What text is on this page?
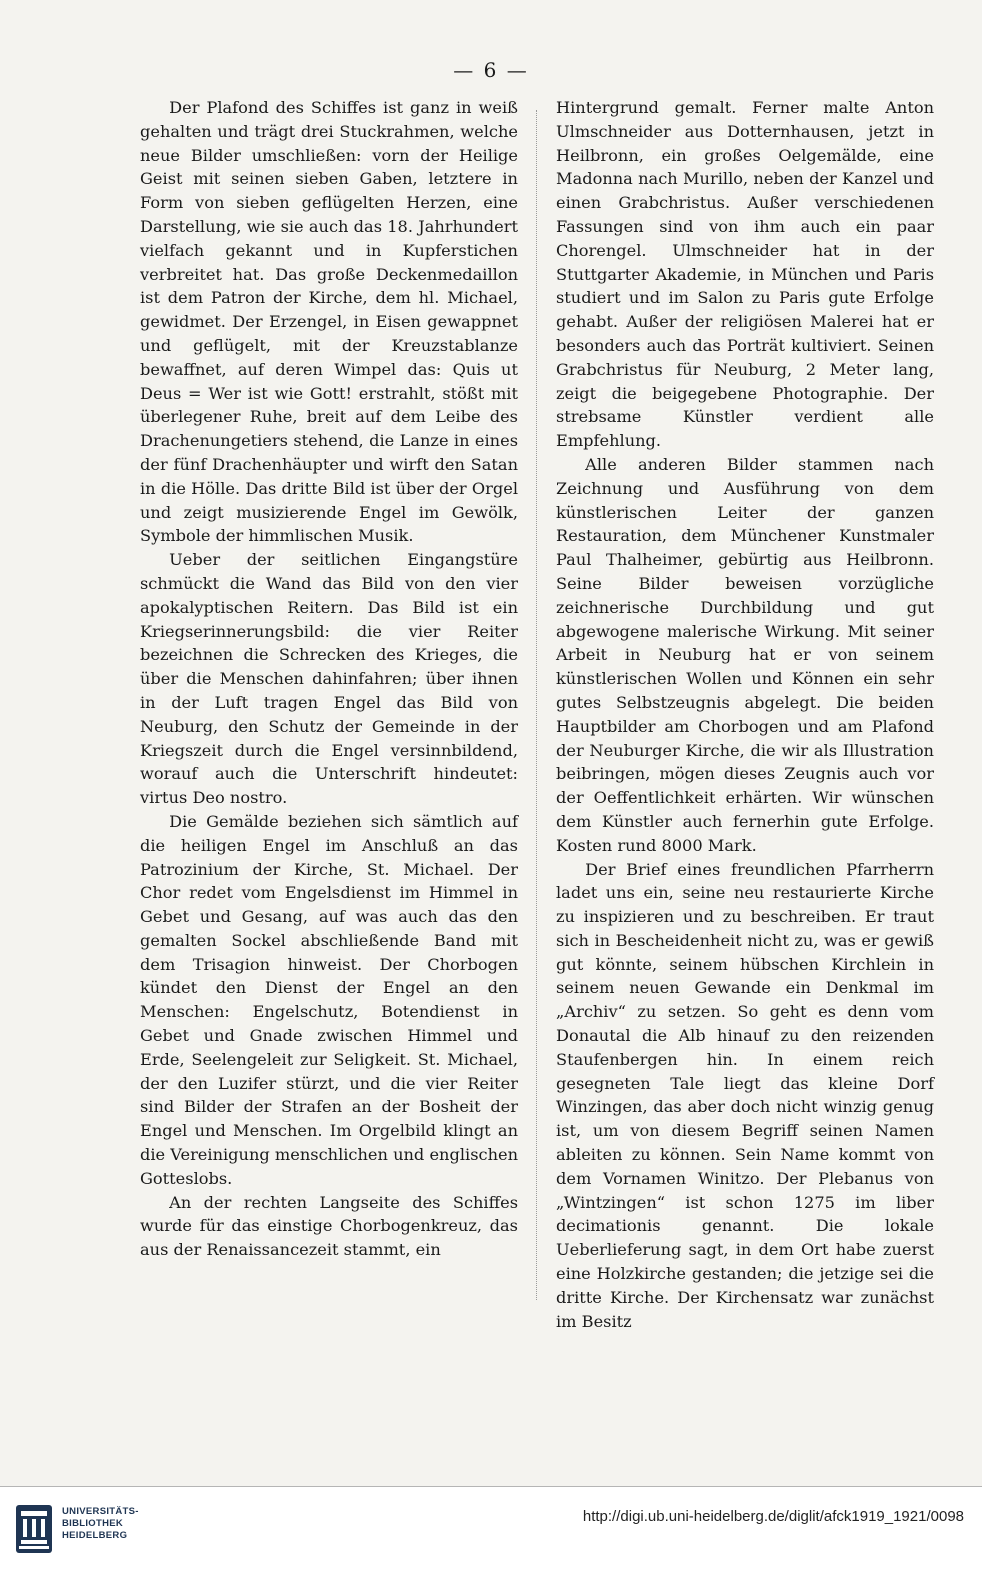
— 6 —

Der Plafond des Schiffes ist ganz in weiß gehalten und trägt drei Stuckrahmen, welche neue Bilder umschließen: vorn der Heilige Geist mit seinen sieben Gaben, letztere in Form von sieben geflügelten Herzen, eine Darstellung, wie sie auch das 18. Jahrhundert vielfach gekannt und in Kupferstichen verbreitet hat. Das große Deckenmedaillon ist dem Patron der Kirche, dem hl. Michael, gewidmet. Der Erzengel, in Eisen gewappnet und geflügelt, mit der Kreuzstablanze bewaffnet, auf deren Wimpel das: Quis ut Deus = Wer ist wie Gott! erstrahlt, stößt mit überlegener Ruhe, breit auf dem Leibe des Drachenungetiers stehend, die Lanze in eines der fünf Drachenhäupter und wirft den Satan in die Hölle. Das dritte Bild ist über der Orgel und zeigt musizierende Engel im Gewölk, Symbole der himmlischen Musik.

Ueber der seitlichen Eingangstüre schmückt die Wand das Bild von den vier apokalyptischen Reitern. Das Bild ist ein Kriegserinnerungsbild: die vier Reiter bezeichnen die Schrecken des Krieges, die über die Menschen dahinfahren; über ihnen in der Luft tragen Engel das Bild von Neuburg, den Schutz der Gemeinde in der Kriegszeit durch die Engel versinnbildend, worauf auch die Unterschrift hindeutet: virtus Deo nostro.

Die Gemälde beziehen sich sämtlich auf die heiligen Engel im Anschluß an das Patrozinium der Kirche, St. Michael. Der Chor redet vom Engelsdienst im Himmel in Gebet und Gesang, auf was auch das den gemalten Sockel abschließende Band mit dem Trisagion hinweist. Der Chorbogen kündet den Dienst der Engel an den Menschen: Engelschutz, Botendienst in Gebet und Gnade zwischen Himmel und Erde, Seelengeleit zur Seligkeit. St. Michael, der den Luzifer stürzt, und die vier Reiter sind Bilder der Strafen an der Bosheit der Engel und Menschen. Im Orgelbild klingt an die Vereinigung menschlichen und englischen Gotteslobs.

An der rechten Langseite des Schiffes wurde für das einstige Chorbogenkreuz, das aus der Renaissancezeit stammt, ein

Hintergrund gemalt. Ferner malte Anton Ulmschneider aus Dotternhausen, jetzt in Heilbronn, ein großes Oelgemälde, eine Madonna nach Murillo, neben der Kanzel und einen Grabchristus. Außer verschiedenen Fassungen sind von ihm auch ein paar Chorengel. Ulmschneider hat in der Stuttgarter Akademie, in München und Paris studiert und im Salon zu Paris gute Erfolge gehabt. Außer der religiösen Malerei hat er besonders auch das Porträt kultiviert. Seinen Grabchristus für Neuburg, 2 Meter lang, zeigt die beigegebene Photographie. Der strebsame Künstler verdient alle Empfehlung.

Alle anderen Bilder stammen nach Zeichnung und Ausführung von dem künstlerischen Leiter der ganzen Restauration, dem Münchener Kunstmaler Paul Thalheimer, gebürtig aus Heilbronn. Seine Bilder beweisen vorzügliche zeichnerische Durchbildung und gut abgewogene malerische Wirkung. Mit seiner Arbeit in Neuburg hat er von seinem künstlerischen Wollen und Können ein sehr gutes Selbstzeugnis abgelegt. Die beiden Hauptbilder am Chorbogen und am Plafond der Neuburger Kirche, die wir als Illustration beibringen, mögen dieses Zeugnis auch vor der Oeffentlichkeit erhärten. Wir wünschen dem Künstler auch fernerhin gute Erfolge. Kosten rund 8000 Mark.

Der Brief eines freundlichen Pfarrherrn ladet uns ein, seine neu restaurierte Kirche zu inspizieren und zu beschreiben. Er traut sich in Bescheidenheit nicht zu, was er gewiß gut könnte, seinem hübschen Kirchlein in seinem neuen Gewande ein Denkmal im „Archiv“ zu setzen. So geht es denn vom Donautal die Alb hinauf zu den reizenden Staufenbergen hin. In einem reich gesegneten Tale liegt das kleine Dorf Winzingen, das aber doch nicht winzig genug ist, um von diesem Begriff seinen Namen ableiten zu können. Sein Name kommt von dem Vornamen Winitzo. Der Plebanus von „Wintzingen“ ist schon 1275 im liber decimationis genannt. Die lokale Ueberlieferung sagt, in dem Ort habe zuerst eine Holzkirche gestanden; die jetzige sei die dritte Kirche. Der Kirchensatz war zunächst im Besitz

UNIVERSITÄTS-
BIBLIOTHEK
HEIDELBERG
http://digi.ub.uni-heidelberg.de/diglit/afck1919_1921/0098
